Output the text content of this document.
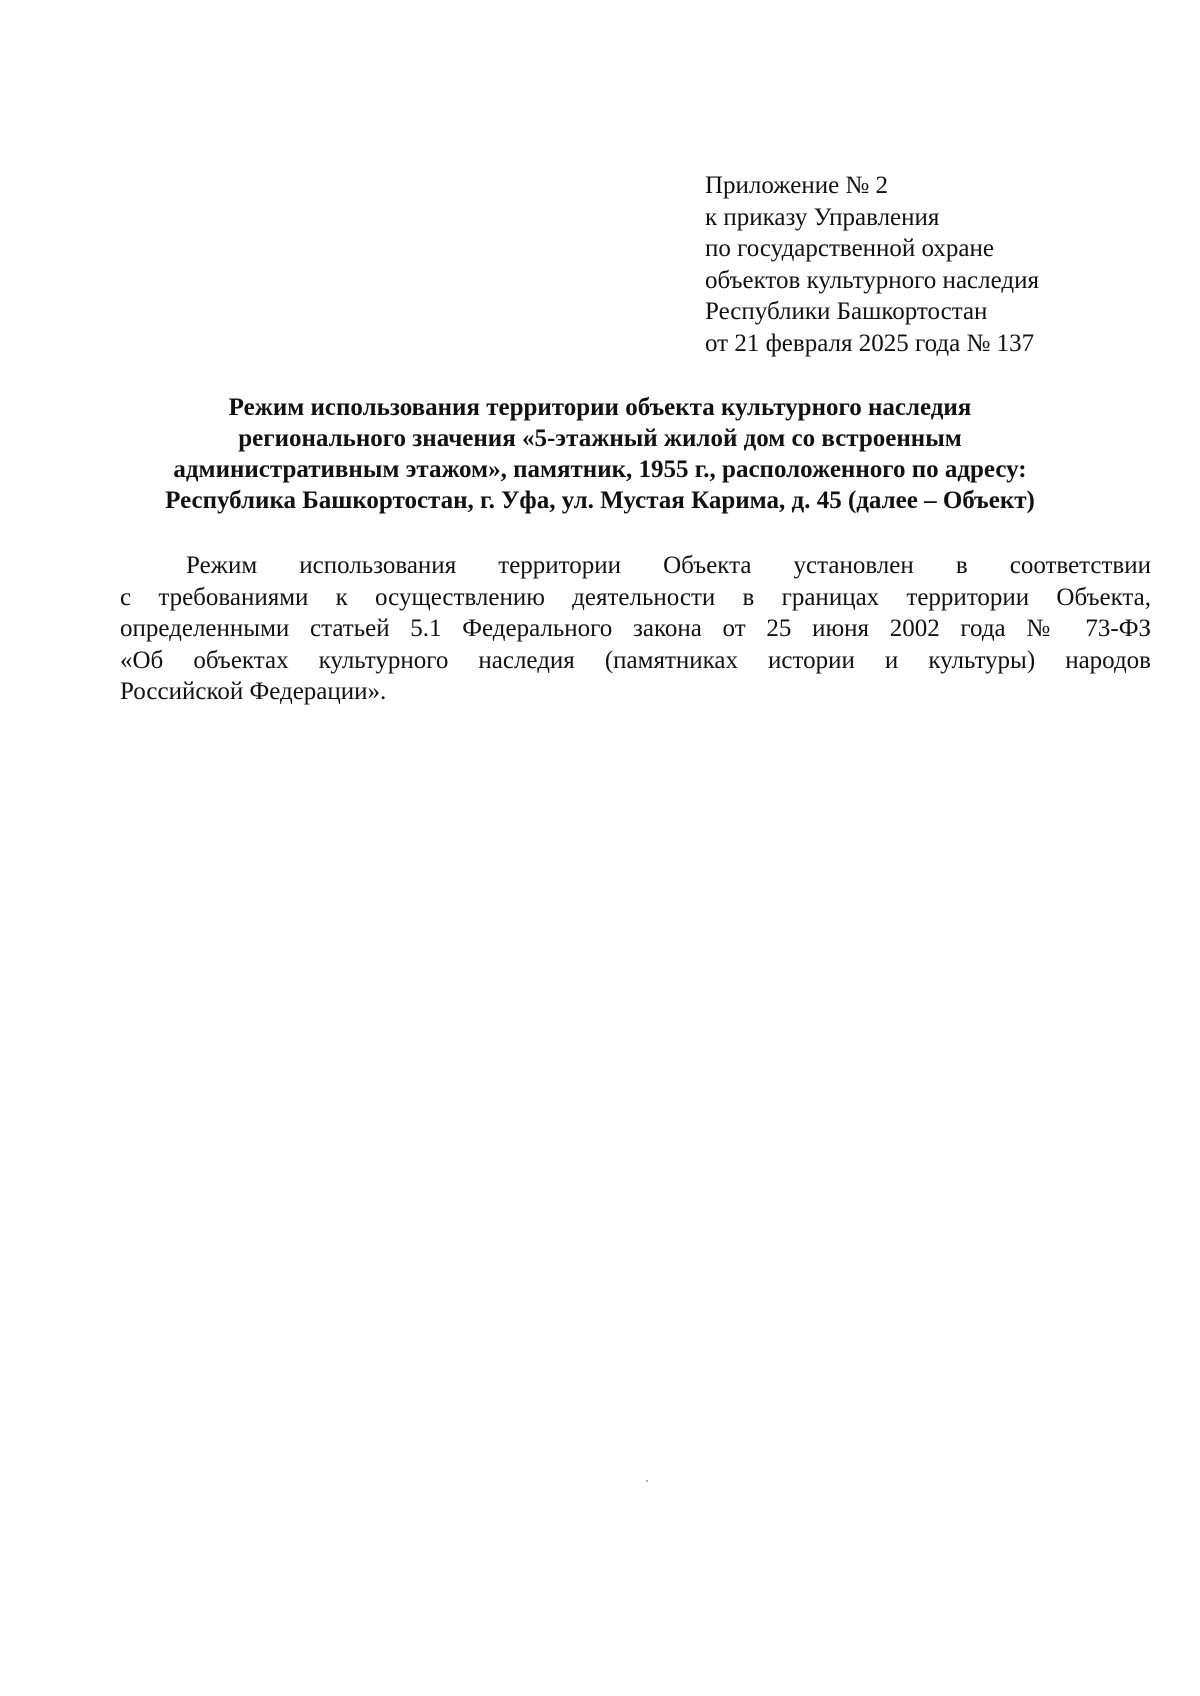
Приложение № 2
к приказу Управления
по государственной охране
объектов культурного наследия
Республики Башкортостан
от 21 февраля 2025 года № 137
Режим использования территории объекта культурного наследия
регионального значения «5-этажный жилой дом со встроенным
административным этажом», памятник, 1955 г., расположенного по адресу:
Республика Башкортостан, г. Уфа, ул. Мустая Карима, д. 45 (далее – Объект)
Режим использования территории Объекта установлен в соответствии
с требованиями к осуществлению деятельности в границах территории Объекта,
определенными статьей 5.1 Федерального закона от 25 июня 2002 года № 73-ФЗ
«Об объектах культурного наследия (памятниках истории и культуры) народов
Российской Федерации».
